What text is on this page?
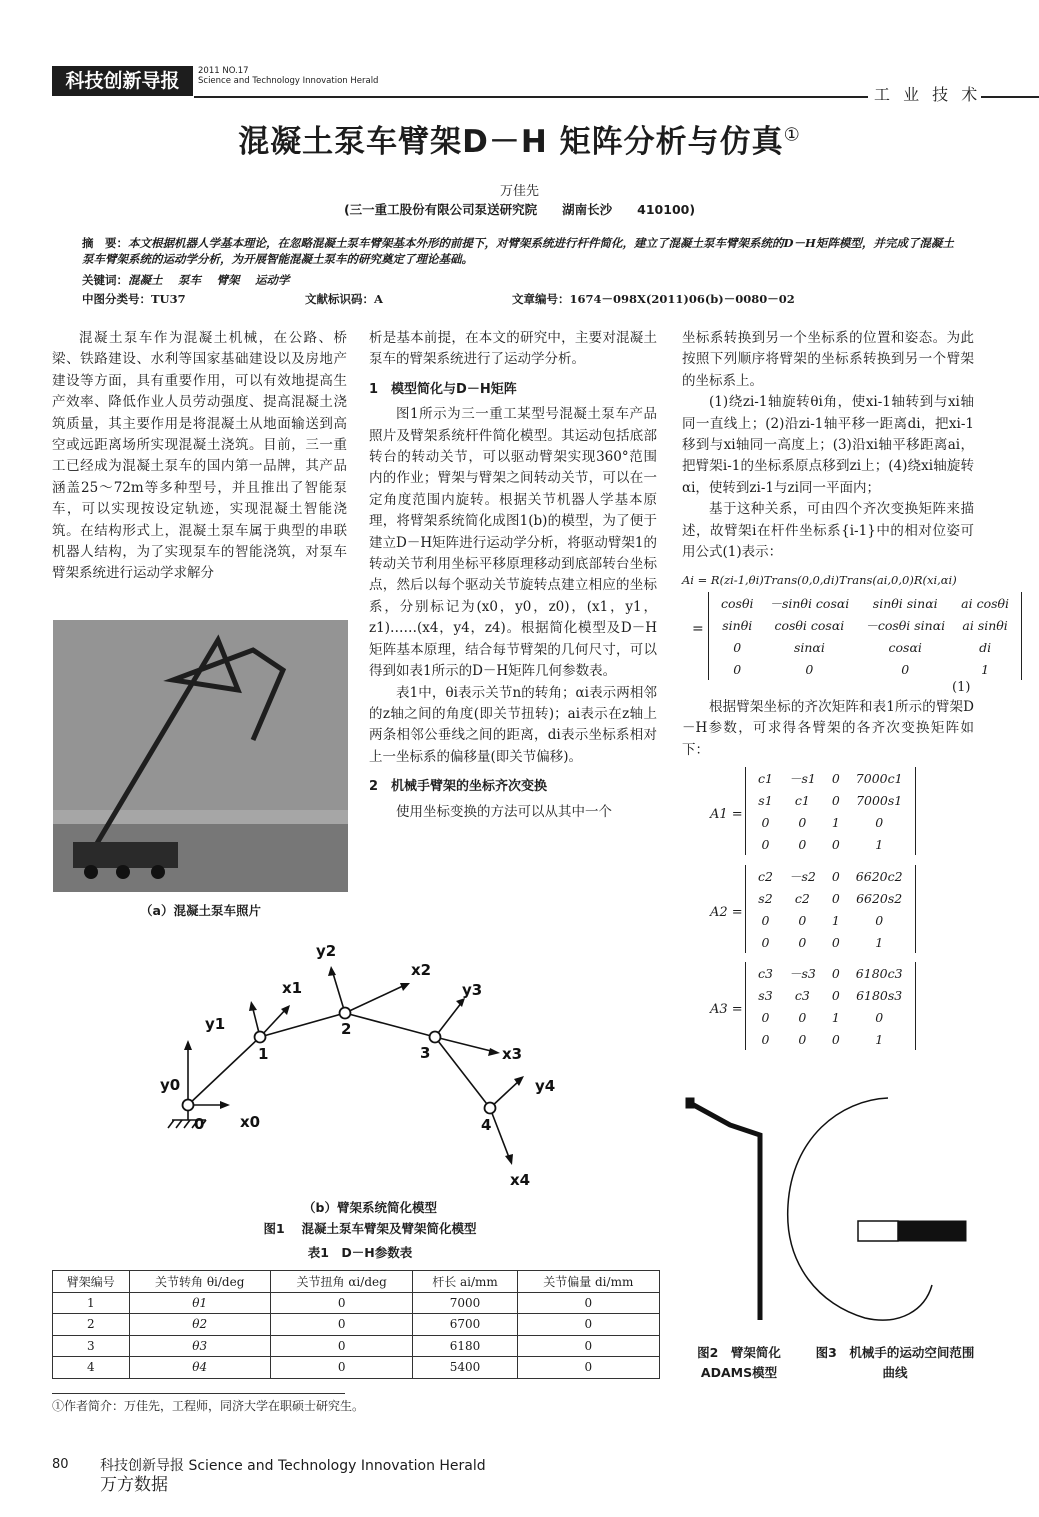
科技创新导报	2011 NO.17
Science and Technology Innovation Herald
工 业 技 术
混凝土泵车臂架D－H 矩阵分析与仿真①
万佳先
(三一重工股份有限公司泵送研究院　　湖南长沙　　410100)
摘　要：本文根据机器人学基本理论，在忽略混凝土泵车臂架基本外形的前提下，对臂架系统进行杆件简化，建立了混凝土泵车臂架系统的D－H矩阵模型，并完成了混凝土泵车臂架系统的运动学分析，为开展智能混凝土泵车的研究奠定了理论基础。
关键词：混凝土　 泵车　 臂架　 运动学
中图分类号：TU37	文献标识码：A	文章编号：1674－098X(2011)06(b)－0080－02

混凝土泵车作为混凝土机械，在公路、桥梁、铁路建设、水利等国家基础建设以及房地产建设等方面，具有重要作用，可以有效地提高生产效率、降低作业人员劳动强度、提高混凝土浇筑质量，其主要作用是将混凝土从地面输送到高空或远距离场所实现混凝土浇筑。目前，三一重工已经成为混凝土泵车的国内第一品牌，其产品涵盖25～72m等多种型号，并且推出了智能泵车，可以实现按设定轨迹，实现混凝土智能浇筑。在结构形式上，混凝土泵车属于典型的串联机器人结构，为了实现泵车的智能浇筑，对泵车臂架系统进行运动学求解分

（a）混凝土泵车照片

析是基本前提，在本文的研究中，主要对混凝土泵车的臂架系统进行了运动学分析。

1　模型简化与D－H矩阵

图1所示为三一重工某型号混凝土泵车产品照片及臂架系统杆件简化模型。其运动包括底部转台的转动关节，可以驱动臂架实现360°范围内的作业；臂架与臂架之间转动关节，可以在一定角度范围内旋转。根据关节机器人学基本原理，将臂架系统简化成图1(b)的模型，为了便于建立D－H矩阵进行运动学分析，将驱动臂架1的转动关节利用坐标平移原理移动到底部转台坐标点，然后以每个驱动关节旋转点建立相应的坐标系，分别标记为(x0，y0，z0)，(x1，y1，z1)……(x4，y4，z4)。根据简化模型及D－H矩阵基本原理，结合每节臂架的几何尺寸，可以得到如表1所示的D－H矩阵几何参数表。

表1中，θi表示关节n的转角；αi表示两相邻的z轴之间的角度(即关节扭转)；ai表示在z轴上两条相邻公垂线之间的距离，di表示坐标系相对上一坐标系的偏移量(即关节偏移)。

2　机械手臂架的坐标齐次变换

使用坐标变换的方法可以从其中一个

坐标系转换到另一个坐标系的位置和姿态。为此按照下列顺序将臂架的坐标系转换到另一个臂架的坐标系上。

(1)绕zi-1轴旋转θi角，使xi-1轴转到与xi轴同一直线上；(2)沿zi-1轴平移一距离di，把xi-1移到与xi轴同一高度上；(3)沿xi轴平移距离ai，把臂架i-1的坐标系原点移到zi上；(4)绕xi轴旋转αi，使转到zi-1与zi同一平面内；

基于这种关系，可由四个齐次变换矩阵来描述，故臂架i在杆件坐标系{i-1}中的相对位姿可用公式(1)表示：

Ai = R(zi-1,θi)Trans(0,0,di)Trans(ai,0,0)R(xi,αi)
=
cosθi	－sinθi cosαi	sinθi sinαi	ai cosθi
sinθi	cosθi cosαi	－cosθi sinαi	ai sinθi
0	sinαi	cosαi	di
0	0	0	1
(1)

根据臂架坐标的齐次矩阵和表1所示的臂架D－H参数，可求得各臂架的各齐次变换矩阵如下：

A1 =
c1	－s1	0	7000c1
s1	c1	0	7000s1
0	0	1	0
0	0	0	1
A2 =
c2	－s2	0	6620c2
s2	c2	0	6620s2
0	0	1	0
0	0	0	1
A3 =
c3	－s3	0	6180c3
s3	c3	0	6180s3
0	0	1	0
0	0	0	1
y2
x2
x1	y3
y1
x3
y0	y4
x0
x4
0
1
2
3
4
（b）臂架系统简化模型
图1　 混凝土泵车臂架及臂架简化模型
表1　D－H参数表
臂架编号	关节转角 θi/deg	关节扭角 αi/deg	杆长 ai/mm	关节偏量 di/mm
1	θ1	0	7000	0
2	θ2	0	6700	0
3	θ3	0	6180	0
4	θ4	0	5400	0
图2　臂架简化ADAMS模型
图3　机械手的运动空间范围曲线
①作者简介：万佳先，工程师，同济大学在职硕士研究生。
80 科技创新导报 Science and Technology Innovation Herald
万方数据
